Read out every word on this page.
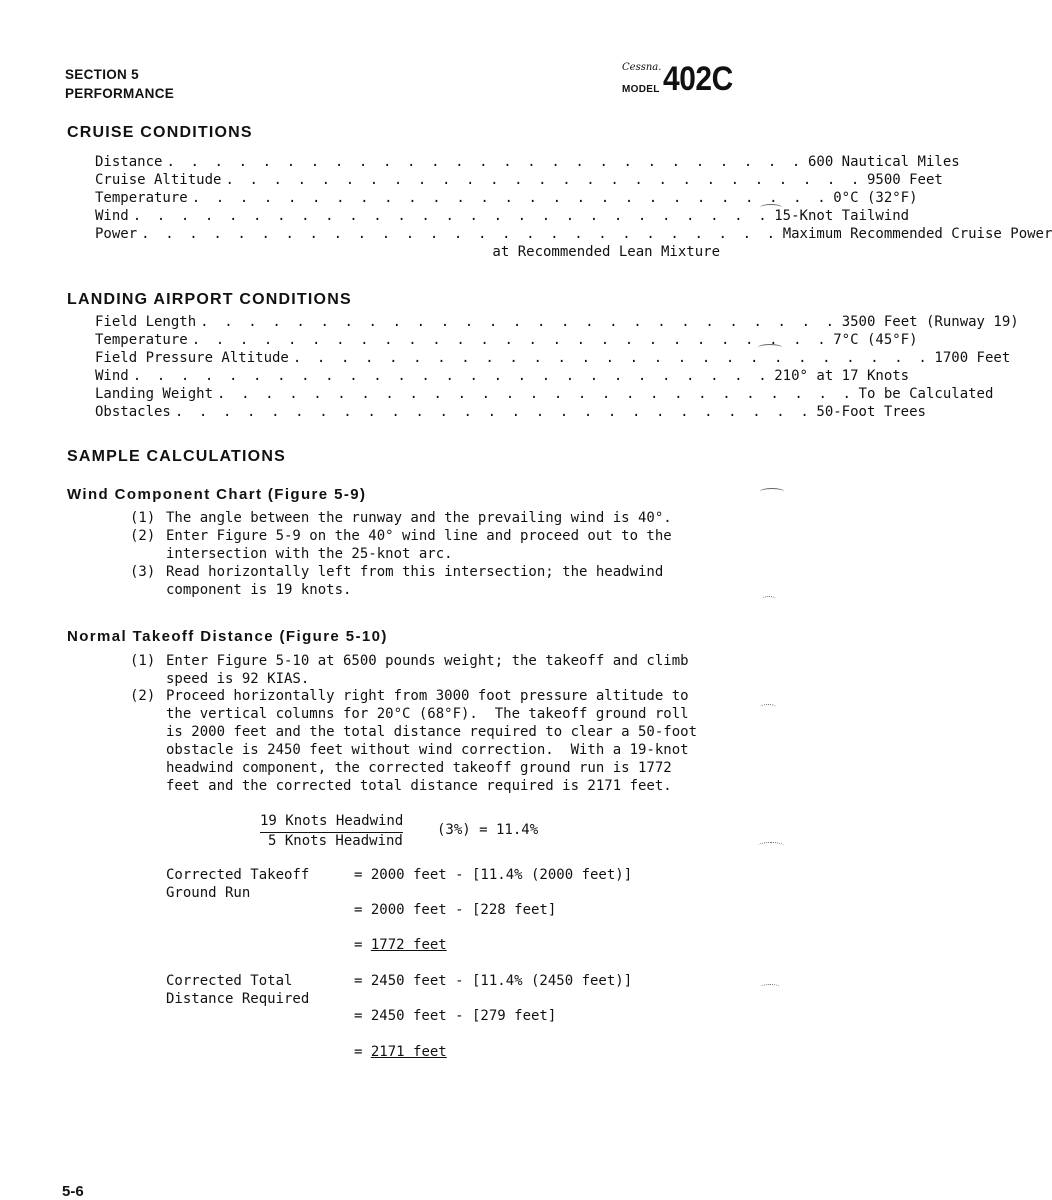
SECTION 5
PERFORMANCE
Cessna.
MODEL 402C
CRUISE CONDITIONS
Distance . . . . . . . . . . . . . . . . . . . . . . . . . . . 600 Nautical Miles
Cruise Altitude . . . . . . . . . . . . . . . . . . . . . . . . . . . 9500 Feet
Temperature . . . . . . . . . . . . . . . . . . . . . . . . . . . 0°C (32°F)
Wind . . . . . . . . . . . . . . . . . . . . . . . . . . . 15-Knot Tailwind
Power . . . . . . . . . . . . . . . . . . . . . . . . . . . Maximum Recommended Cruise Power
at Recommended Lean Mixture
LANDING AIRPORT CONDITIONS
Field Length . . . . . . . . . . . . . . . . . . . . . . . . . . . 3500 Feet (Runway 19)
Temperature . . . . . . . . . . . . . . . . . . . . . . . . . . . 7°C (45°F)
Field Pressure Altitude . . . . . . . . . . . . . . . . . . . . . . . . . . . 1700 Feet
Wind . . . . . . . . . . . . . . . . . . . . . . . . . . . 210° at 17 Knots
Landing Weight . . . . . . . . . . . . . . . . . . . . . . . . . . . To be Calculated
Obstacles . . . . . . . . . . . . . . . . . . . . . . . . . . . 50-Foot Trees
SAMPLE CALCULATIONS
Wind Component Chart (Figure 5-9)
(1) The angle between the runway and the prevailing wind is 40°.
(2) Enter Figure 5-9 on the 40° wind line and proceed out to the
intersection with the 25-knot arc.
(3) Read horizontally left from this intersection; the headwind
component is 19 knots.
Normal Takeoff Distance (Figure 5-10)
(1) Enter Figure 5-10 at 6500 pounds weight; the takeoff and climb
speed is 92 KIAS.
(2) Proceed horizontally right from 3000 foot pressure altitude to
the vertical columns for 20°C (68°F).  The takeoff ground roll
is 2000 feet and the total distance required to clear a 50-foot
obstacle is 2450 feet without wind correction.  With a 19-knot
headwind component, the corrected takeoff ground run is 1772
feet and the corrected total distance required is 2171 feet.
19 Knots Headwind
5 Knots Headwind
(3%) = 11.4%
Corrected Takeoff
Ground Run
= 2000 feet - [11.4% (2000 feet)]
= 2000 feet - [228 feet]
= 1772 feet
Corrected Total
Distance Required
= 2450 feet - [11.4% (2450 feet)]
= 2450 feet - [279 feet]
= 2171 feet
5-6
